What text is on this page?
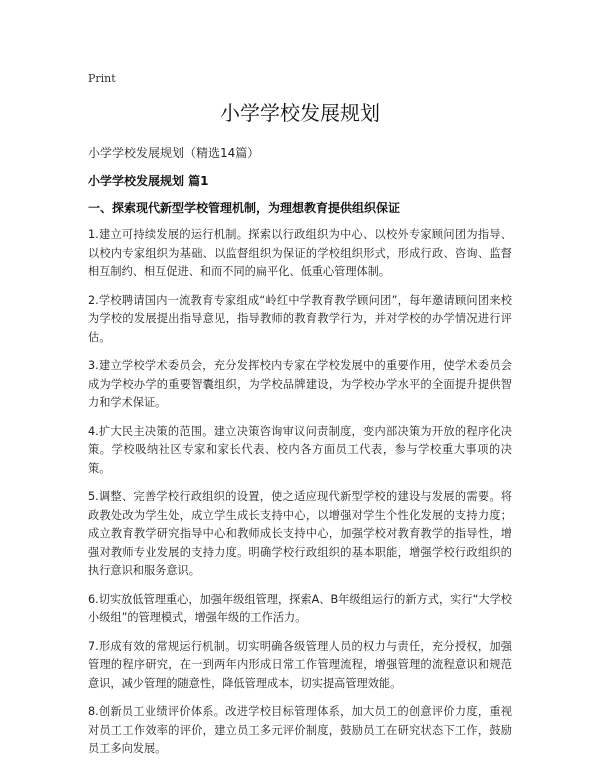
Print
小学学校发展规划
小学学校发展规划（精选14篇）
小学学校发展规划 篇1
一、探索现代新型学校管理机制，为理想教育提供组织保证

1.建立可持续发展的运行机制。探索以行政组织为中心、以校外专家顾问团为指导、以校内专家组织为基础、以监督组织为保证的学校组织形式，形成行政、咨询、监督相互制约、相互促进、和而不同的扁平化、低重心管理体制。

2.学校聘请国内一流教育专家组成“岭红中学教育教学顾问团”，每年邀请顾问团来校为学校的发展提出指导意见，指导教师的教育教学行为，并对学校的办学情况进行评估。

3.建立学校学术委员会，充分发挥校内专家在学校发展中的重要作用，使学术委员会成为学校办学的重要智囊组织，为学校品牌建设，为学校办学水平的全面提升提供智力和学术保证。

4.扩大民主决策的范围。建立决策咨询审议问责制度，变内部决策为开放的程序化决策。学校吸纳社区专家和家长代表、校内各方面员工代表，参与学校重大事项的决策。

5.调整、完善学校行政组织的设置，使之适应现代新型学校的建设与发展的需要。将政教处改为学生处，成立学生成长支持中心，以增强对学生个性化发展的支持力度；成立教育教学研究指导中心和教师成长支持中心，加强学校对教育教学的指导性，增强对教师专业发展的支持力度。明确学校行政组织的基本职能，增强学校行政组织的执行意识和服务意识。

6.切实放低管理重心，加强年级组管理，探索A、B年级组运行的新方式，实行“大学校小级组”的管理模式，增强年级的工作活力。

7.形成有效的常规运行机制。切实明确各级管理人员的权力与责任，充分授权，加强管理的程序研究，在一到两年内形成日常工作管理流程，增强管理的流程意识和规范意识，减少管理的随意性，降低管理成本，切实提高管理效能。

8.创新员工业绩评价体系。改进学校目标管理体系，加大员工的创意评价力度，重视对员工工作效率的评价，建立员工多元评价制度，鼓励员工在研究状态下工作，鼓励员工多向发展。
